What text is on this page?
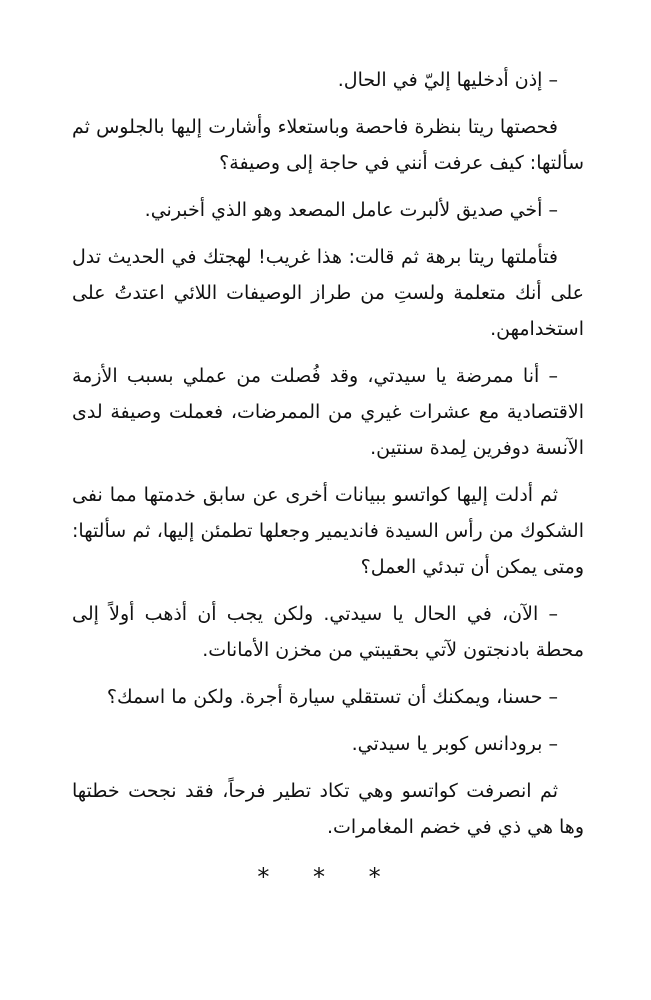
– إذن أدخليها إليّ في الحال.

فحصتها ريتا بنظرة فاحصة وباستعلاء وأشارت إليها بالجلوس ثم سألتها: كيف عرفت أنني في حاجة إلى وصيفة؟

– أخي صديق لألبرت عامل المصعد وهو الذي أخبرني.

فتأملتها ريتا برهة ثم قالت: هذا غريب! لهجتك في الحديث تدل على أنك متعلمة ولستِ من طراز الوصيفات اللائي اعتدتُ على استخدامهن.

– أنا ممرضة يا سيدتي، وقد فُصلت من عملي بسبب الأزمة الاقتصادية مع عشرات غيري من الممرضات، فعملت وصيفة لدى الآنسة دوفرين لِمدة سنتين.

ثم أدلت إليها كواتسو ببيانات أخرى عن سابق خدمتها مما نفى الشكوك من رأس السيدة فانديمير وجعلها تطمئن إليها، ثم سألتها: ومتى يمكن أن تبدئي العمل؟

– الآن، في الحال يا سيدتي. ولكن يجب أن أذهب أولاً إلى محطة بادنجتون لآتي بحقيبتي من مخزن الأمانات.

– حسنا، ويمكنك أن تستقلي سيارة أجرة. ولكن ما اسمك؟

– برودانس كوبر يا سيدتي.

ثم انصرفت كواتسو وهي تكاد تطير فرحاً، فقد نجحت خطتها وها هي ذي في خضم المغامرات.

* * *
